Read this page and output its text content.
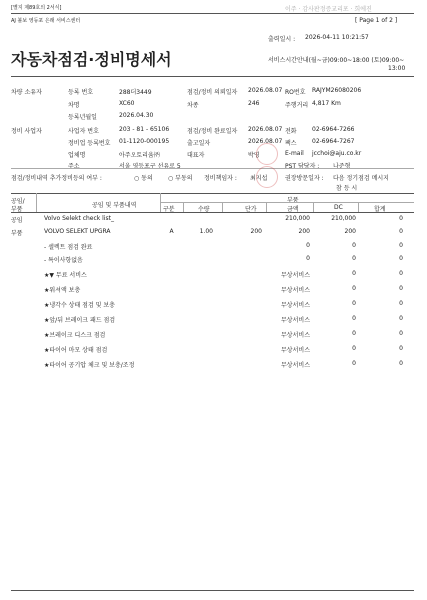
[별지 제89호의 2서식]	이주 · 감사판정증교리포 · 희에진
AJ 볼보 영등포 은래 서비스센터	[ Page 1 of 2 ]
출력일시 : 2026-04-11 10:21:57
자동차점검·정비명세서	서비스시간안내(월~금)09:00~18:00 (토)09:00~
13:00
차량 소유자	등록 번호	288더3449	점검/정비 의뢰일자 2026.08.07 RO번호 RAJYM26080206
차명	XC60	차종	246	주행거리 4,817 Km
등록년월일	2026.04.30
정비 사업자	사업자 번호	203 - 81 - 65106	점검/정비 완료일자 2026.08.07 전화	02-6964-7266
정비업 등록번호 01-1120-000195	출고일자	2026.08.07 팩스	02-6964-7267
업체명	아주오토리움㈜	대표자	박영	E-mail jcchoi@aju.co.kr
주소	서울 영등포구 선유로 5	PST 담당자 : 나준형
점검/정비내역 추가정비등의 여부 :	○ 동의	○ 부동의 정비책임자 : 최지섭	권장방문일자 : 다음 정기점검 메시지
참 등 시
공임/
부품
공임 및 부품내역
부품
구분	수량	단가	금액	DC	합계
공임	Volvo Selekt check list_	210,000	210,000	0
부품	VOLVO SELEKT UPGRA	A	1.00	200	200	200	0
- 셀렉트 점검 완료	0	0	0
- 특이사항없음	0	0	0
★▼ 무료 서비스	무상서비스	0	0
★워셔액 보충	무상서비스	0	0
★냉각수 상태 점검 및 보충	무상서비스	0	0
★앞/뒤 브레이크 패드 점검	무상서비스	0	0
★브레이크 디스크 점검	무상서비스	0	0
★타이어 마모 상태 점검	무상서비스	0	0
★타이어 공기압 체크 및 보충/조정	무상서비스	0	0
